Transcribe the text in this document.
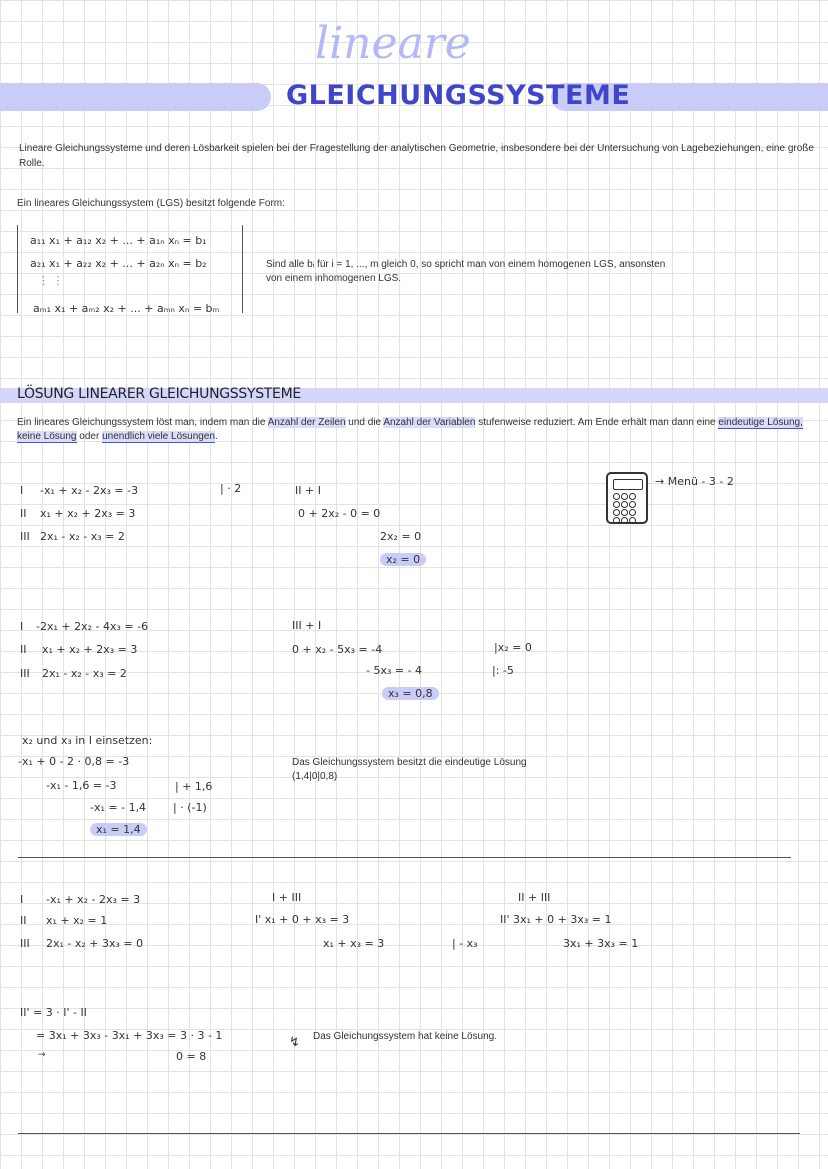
lineare
GLEICHUNGSSYSTEME
Lineare Gleichungssysteme und deren Lösbarkeit spielen bei der Fragestellung der analytischen Geometrie, insbesondere bei der Untersuchung von Lagebeziehungen, eine große
Rolle.
Ein lineares Gleichungssystem (LGS) besitzt folgende Form:
a₁₁ x₁ + a₁₂ x₂ + ... + a₁ₙ xₙ = b₁
a₂₁ x₁ + a₂₂ x₂ + ... + a₂ₙ xₙ = b₂
⋮ ⋮
aₘ₁ x₁ + aₘ₂ x₂ + ... + aₘₙ xₙ = bₘ
Sind alle bᵢ für i = 1, ..., m gleich 0, so spricht man von einem homogenen LGS, ansonsten
von einem inhomogenen LGS.
LÖSUNG LINEARER GLEICHUNGSSYSTEME
Ein lineares Gleichungssystem löst man, indem man die Anzahl der Zeilen und die Anzahl der Variablen stufenweise reduziert. Am Ende erhält man dann eine eindeutige Lösung,
keine Lösung oder unendlich viele Lösungen.
→ Menü - 3 - 2
I -x₁ + x₂ - 2x₃ = -3	| · 2
II x₁ + x₂ + 2x₃ = 3
III 2x₁ - x₂ - x₃ = 2
II + I
0 + 2x₂ - 0 = 0
2x₂ = 0
x₂ = 0
I -2x₁ + 2x₂ - 4x₃ = -6
II x₁ + x₂ + 2x₃ = 3
III 2x₁ - x₂ - x₃ = 2
III + I
0 + x₂ - 5x₃ = -4	|x₂ = 0
- 5x₃ = - 4	|: -5
x₃ = 0,8
x₂ und x₃ in I einsetzen:
-x₁ + 0 - 2 · 0,8 = -3
-x₁ - 1,6 = -3	| + 1,6
-x₁ = - 1,4 | · (-1)
x₁ = 1,4
Das Gleichungssystem besitzt die eindeutige Lösung
(1,4|0|0,8)
I -x₁ + x₂ - 2x₃ = 3
II x₁ + x₂ = 1
III 2x₁ - x₂ + 3x₃ = 0
I + III
I' x₁ + 0 + x₃ = 3
x₁ + x₃ = 3	| - x₃
II + III
II' 3x₁ + 0 + 3x₃ = 1
3x₁ + 3x₃ = 1
II' = 3 · I' - II
= 3x₁ + 3x₃ - 3x₁ + 3x₃ = 3 · 3 - 1
→	0 = 8
↯ Das Gleichungssystem hat keine Lösung.
